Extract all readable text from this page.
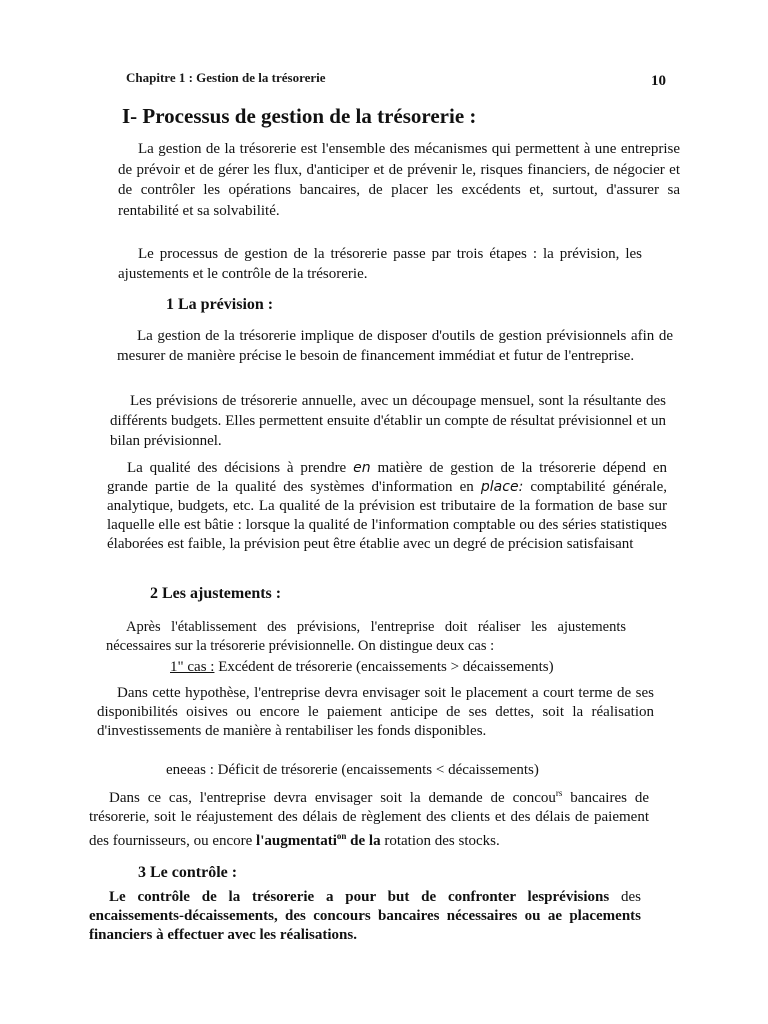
Chapitre 1 : Gestion de la trésorerie	10
I- Processus de gestion de la trésorerie :

La gestion de la trésorerie est l'ensemble des mécanismes qui permettent à une entreprise de prévoir et de gérer les flux, d'anticiper et de prévenir le, risques financiers, de négocier et de contrôler les opérations bancaires, de placer les excédents et, surtout, d'assurer sa rentabilité et sa solvabilité.

Le processus de gestion de la trésorerie passe par trois étapes : la prévision, les ajustements et le contrôle de la trésorerie.

1 La prévision :

La gestion de la trésorerie implique de disposer d'outils de gestion prévisionnels afin de mesurer de manière précise le besoin de financement immédiat et futur de l'entreprise.

Les prévisions de trésorerie annuelle, avec un découpage mensuel, sont la résultante des différents budgets. Elles permettent ensuite d'établir un compte de résultat prévisionnel et un bilan prévisionnel.

La qualité des décisions à prendre en matière de gestion de la trésorerie dépend en grande partie de la qualité des systèmes d'information en place: comptabilité générale, analytique, budgets, etc. La qualité de la prévision est tributaire de la formation de base sur laquelle elle est bâtie : lorsque la qualité de l'information comptable ou des séries statistiques élaborées est faible, la prévision peut être établie avec un degré de précision satisfaisant

2 Les ajustements :

Après l'établissement des prévisions, l'entreprise doit réaliser les ajustements nécessaires sur la trésorerie prévisionnelle. On distingue deux cas :

1" cas : Excédent de trésorerie (encaissements > décaissements)

Dans cette hypothèse, l'entreprise devra envisager soit le placement a court terme de ses disponibilités oisives ou encore le paiement anticipe de ses dettes, soit la réalisation d'investissements de manière à rentabiliser les fonds disponibles.

eneeas : Déficit de trésorerie (encaissements < décaissements)

Dans ce cas, l'entreprise devra envisager soit la demande de concou$^{rs}$ bancaires de trésorerie, soit le réajustement des délais de règlement des clients et des délais de paiement des fournisseurs, ou encore l'augmentati$^{on}$ de la rotation des stocks.

3 Le contrôle :

Le contrôle de la trésorerie a pour but de confronter lesprévisions des encaissements-décaissements, des concours bancaires nécessaires ou ae placements financiers à effectuer avec les réalisations.
